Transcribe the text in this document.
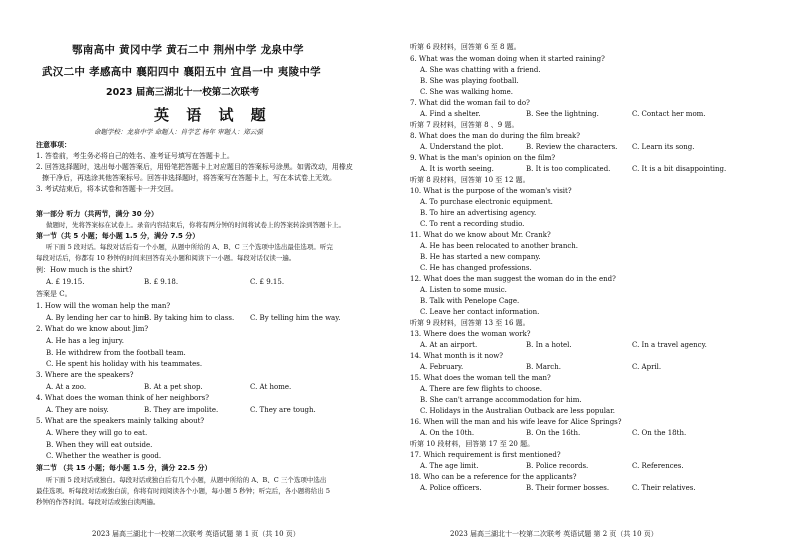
鄂南高中 黄冈中学 黄石二中 荆州中学 龙泉中学
武汉二中 孝感高中 襄阳四中 襄阳五中 宜昌一中 夷陵中学
2023 届高三湖北十一校第二次联考
英 语 试 题
命题学校：龙泉中学 命题人：肖学艺 杨年 审题人：郑云强
注意事项：
1. 答卷前，考生务必将自己的姓名、准考证号填写在答题卡上。
2. 回答选择题时，选出每小题答案后，用铅笔把答题卡上对应题目的答案标号涂黑。如需改动，用橡皮
擦干净后，再选涂其他答案标号。回答非选择题时，将答案写在答题卡上，写在本试卷上无效。
3. 考试结束后，将本试卷和答题卡一并交回。
第一部分 听力（共两节，满分 30 分）
做题时，先将答案标在试卷上。录音内容结束后，你将有两分钟的时间将试卷上的答案转涂到答题卡上。
第一节（共 5 小题；每小题 1.5 分，满分 7.5 分）
听下面 5 段对话。每段对话后有一个小题，从题中所给的 A、B、C 三个选项中选出最佳选项。听完
每段对话后，你都有 10 秒钟的时间来回答有关小题和阅读下一小题。每段对话仅读一遍。
例：How much is the shirt?
A. £ 19.15.	B. £ 9.18.	C. £ 9.15.
答案是 C。
1. How will the woman help the man?
A. By lending her car to him.
B. By taking him to class. C. By telling him the way.
2. What do we know about Jim?
A. He has a leg injury.
B. He withdrew from the football team.
C. He spent his holiday with his teammates.
3. Where are the speakers?
A. At a zoo.	B. At a pet shop.	C. At home.
4. What does the woman think of her neighbors?
A. They are noisy.	B. They are impolite.	C. They are tough.
5. What are the speakers mainly talking about?
A. Where they will go to eat.
B. When they will eat outside.
C. Whether the weather is good.
第二节 （共 15 小题；每小题 1.5 分，满分 22.5 分）
听下面 5 段对话或独白。每段对话或独白后有几个小题，从题中所给的 A、B、C 三个选项中选出
最佳选项。听每段对话或独白前，你将有时间阅读各个小题，每小题 5 秒钟；听完后，各小题将给出 5
秒钟的作答时间。每段对话或独白读两遍。
2023 届高三湖北十一校第二次联考 英语试题 第 1 页（共 10 页）
听第 6 段材料，回答第 6 至 8 题。
6. What was the woman doing when it started raining?
A. She was chatting with a friend.
B. She was playing football.
C. She was walking home.
7. What did the woman fail to do?
A. Find a shelter.	B. See the lightning.	C. Contact her mom.
听第 7 段材料，回答第 8 、9 题。
8. What does the man do during the film break?
A. Understand the plot.	B. Review the characters. C. Learn its song.
9. What is the man's opinion on the film?
A. It is worth seeing.	B. It is too complicated.	C. It is a bit disappointing.
听第 8 段材料，回答第 10 至 12 题。
10. What is the purpose of the woman's visit?
A. To purchase electronic equipment.
B. To hire an advertising agency.
C. To rent a recording studio.
11. What do we know about Mr. Crank?
A. He has been relocated to another branch.
B. He has started a new company.
C. He has changed professions.
12. What does the man suggest the woman do in the end?
A. Listen to some music.
B. Talk with Penelope Cage.
C. Leave her contact information.
听第 9 段材料，回答第 13 至 16 题。
13. Where does the woman work?
A. At an airport.	B. In a hotel.	C. In a travel agency.
14. What month is it now?
A. February.	B. March.	C. April.
15. What does the woman tell the man?
A. There are few flights to choose.
B. She can't arrange accommodation for him.
C. Holidays in the Australian Outback are less popular.
16. When will the man and his wife leave for Alice Springs?
A. On the 10th.	B. On the 16th.	C. On the 18th.
听第 10 段材料，回答第 17 至 20 题。
17. Which requirement is first mentioned?
A. The age limit.	B. Police records.	C. References.
18. Who can be a reference for the applicants?
A. Police officers.	B. Their former bosses.	C. Their relatives.
2023 届高三湖北十一校第二次联考 英语试题 第 2 页（共 10 页）
